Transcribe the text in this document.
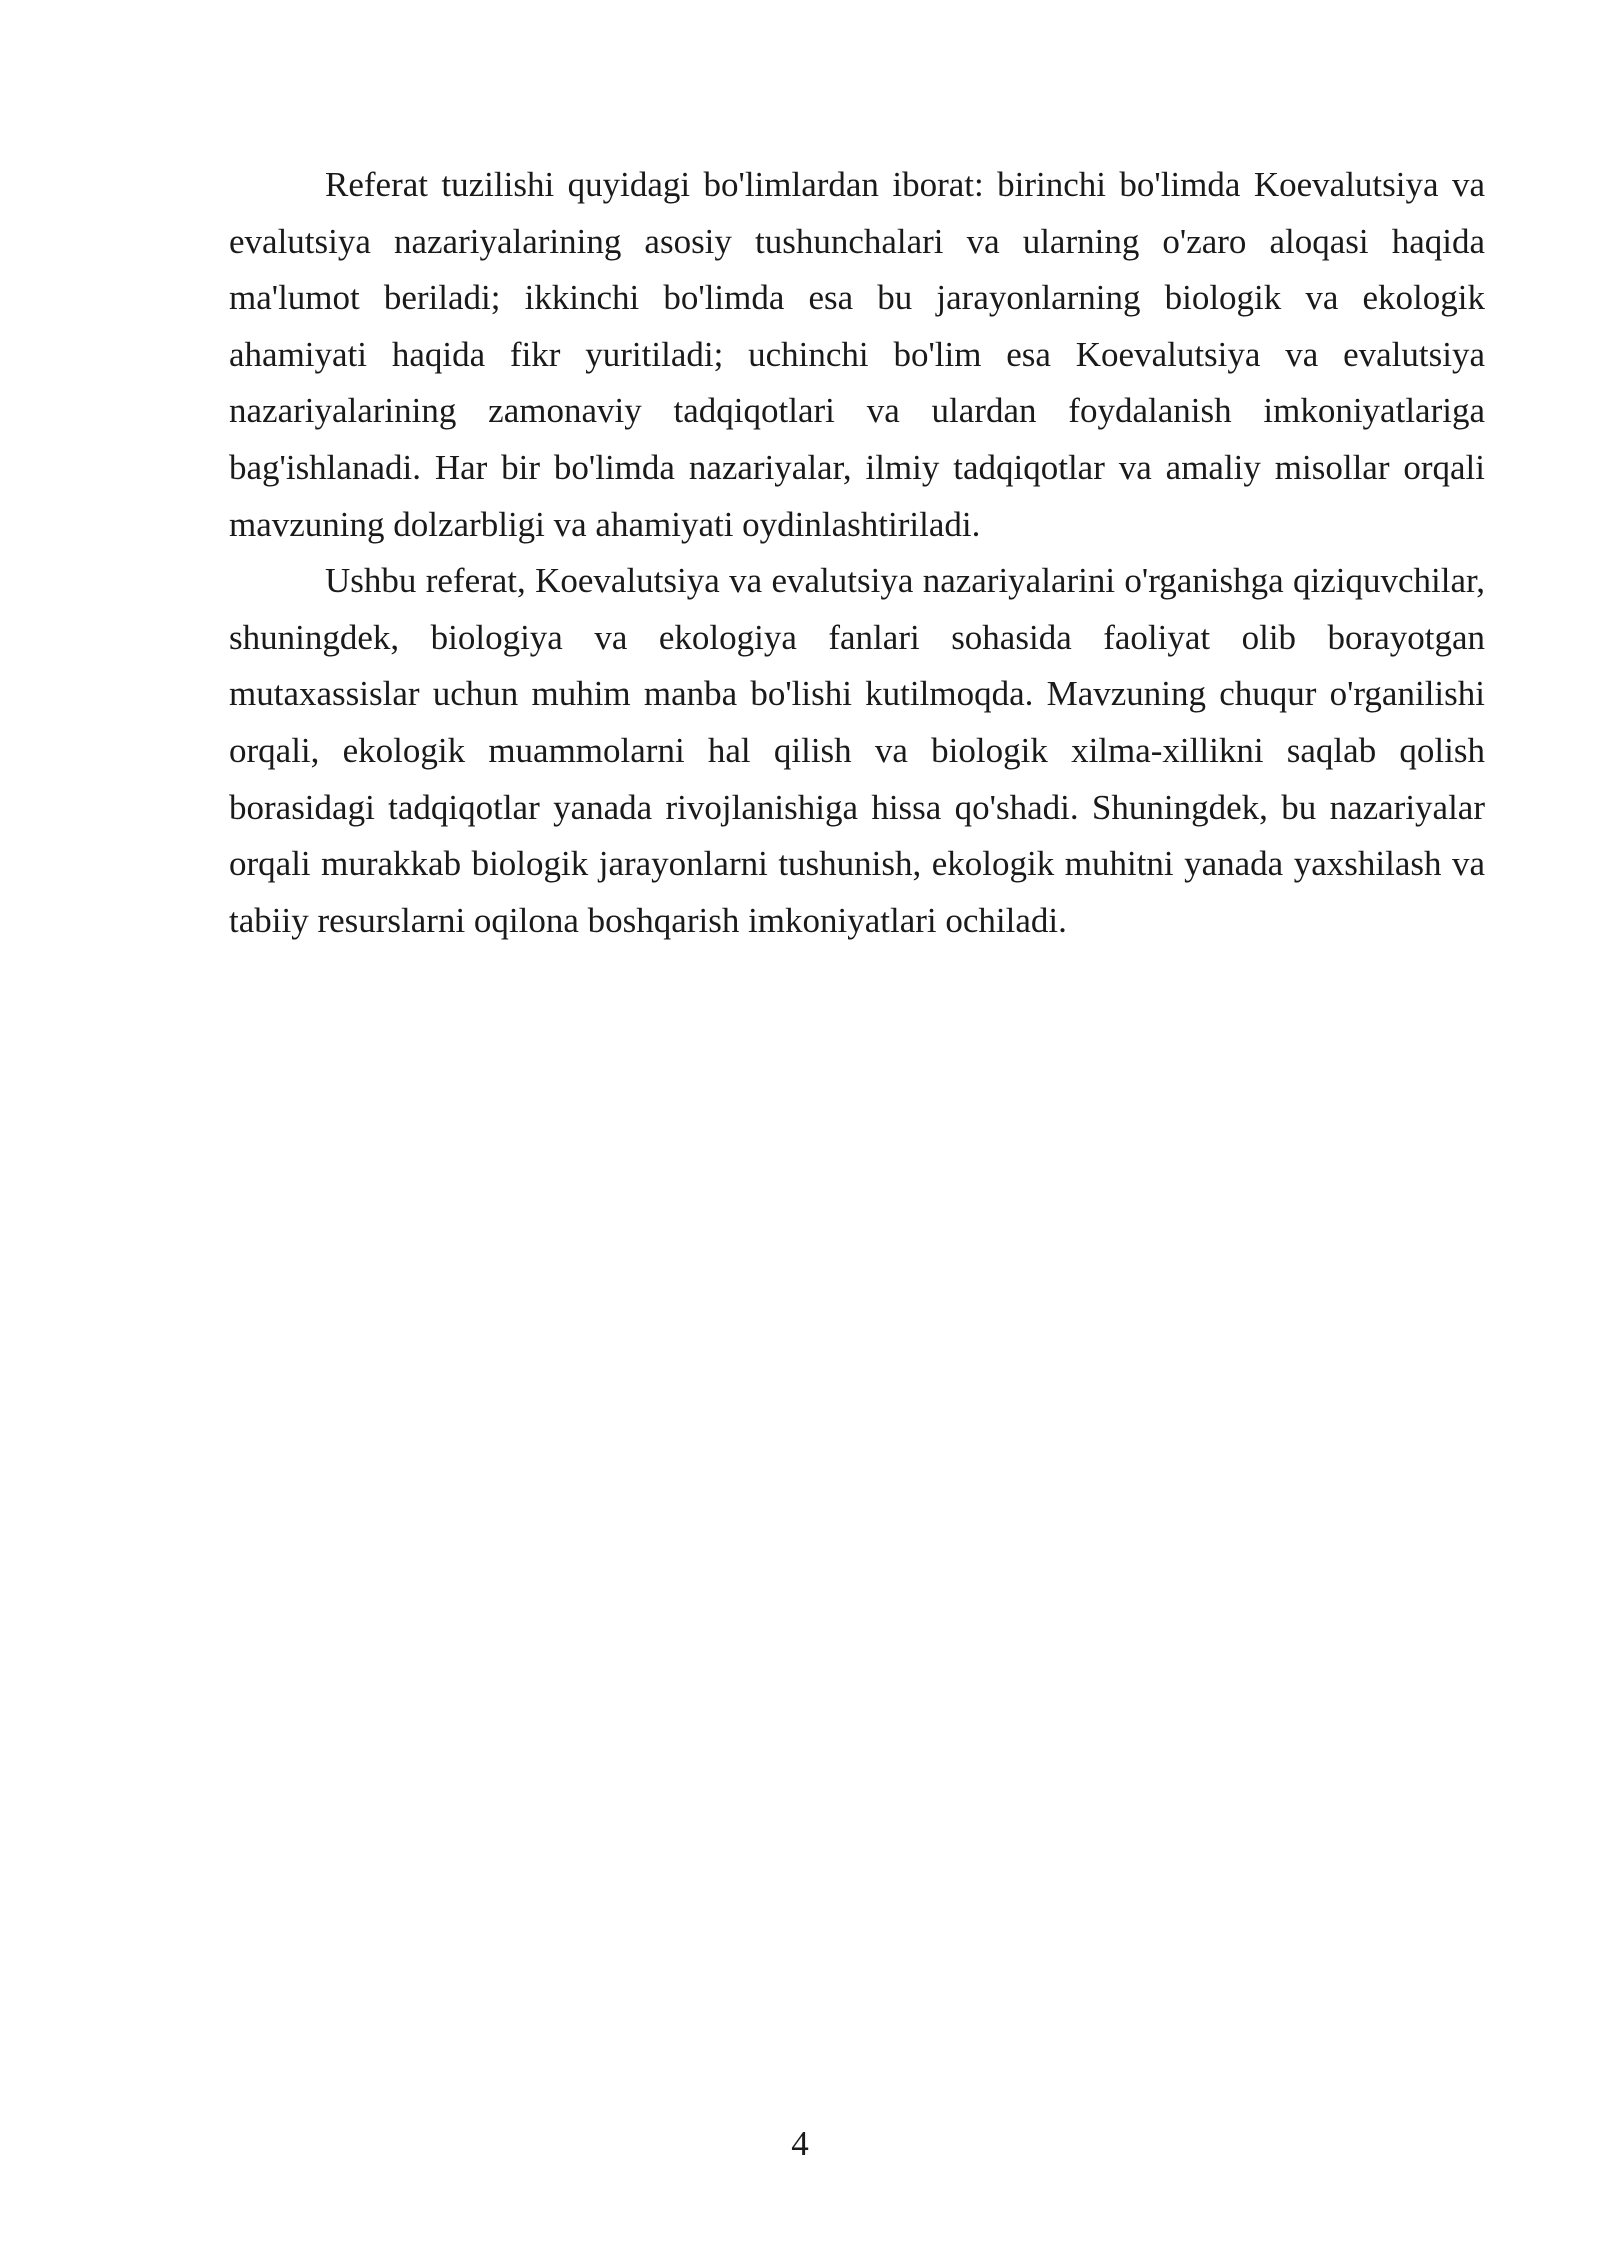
Referat tuzilishi quyidagi bo'limlardan iborat: birinchi bo'limda Koevalutsiya va evalutsiya nazariyalarining asosiy tushunchalari va ularning o'zaro aloqasi haqida ma'lumot beriladi; ikkinchi bo'limda esa bu jarayonlarning biologik va ekologik ahamiyati haqida fikr yuritiladi; uchinchi bo'lim esa Koevalutsiya va evalutsiya nazariyalarining zamonaviy tadqiqotlari va ulardan foydalanish imkoniyatlariga bag'ishlanadi. Har bir bo'limda nazariyalar, ilmiy tadqiqotlar va amaliy misollar orqali mavzuning dolzarbligi va ahamiyati oydinlashtiriladi.

Ushbu referat, Koevalutsiya va evalutsiya nazariyalarini o'rganishga qiziquvchilar, shuningdek, biologiya va ekologiya fanlari sohasida faoliyat olib borayotgan mutaxassislar uchun muhim manba bo'lishi kutilmoqda. Mavzuning chuqur o'rganilishi orqali, ekologik muammolarni hal qilish va biologik xilma-xillikni saqlab qolish borasidagi tadqiqotlar yanada rivojlanishiga hissa qo'shadi. Shuningdek, bu nazariyalar orqali murakkab biologik jarayonlarni tushunish, ekologik muhitni yanada yaxshilash va tabiiy resurslarni oqilona boshqarish imkoniyatlari ochiladi.

4
